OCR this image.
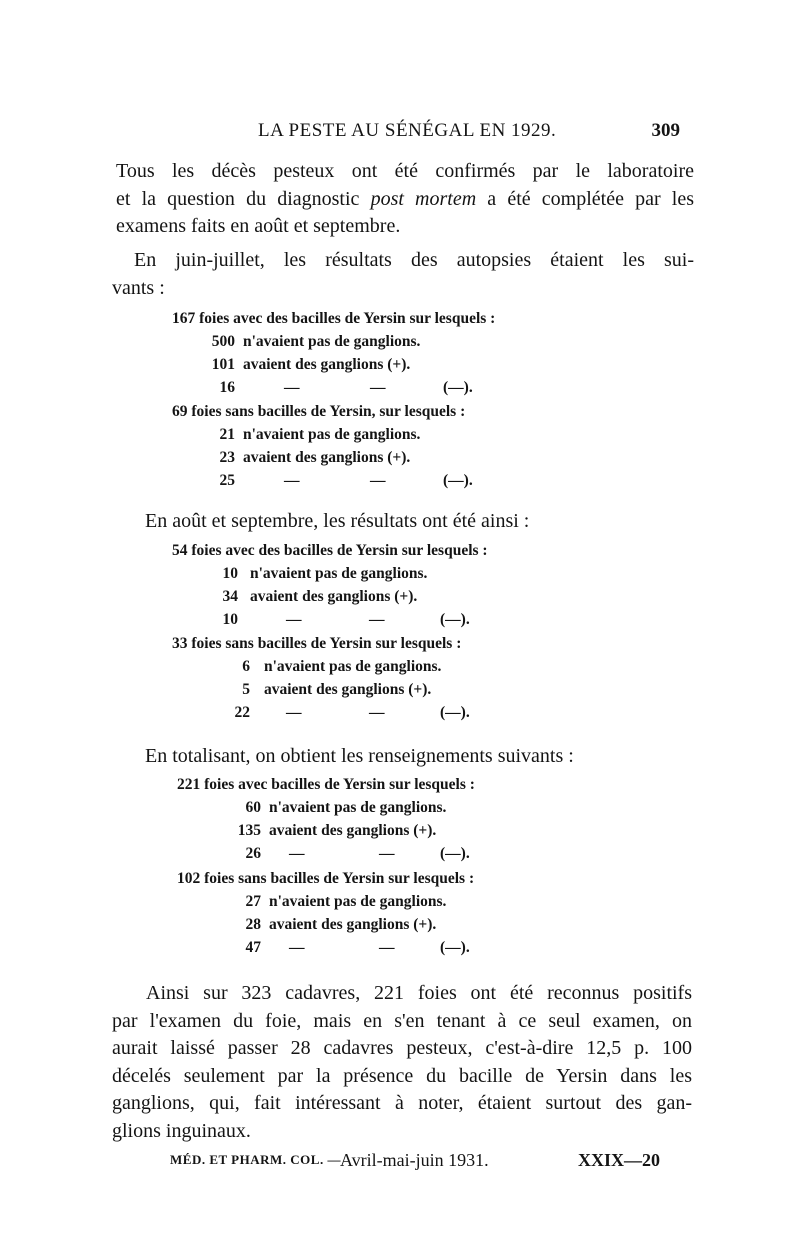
LA PESTE AU SÉNÉGAL EN 1929.	309
Tous les décès pesteux ont été confirmés par le laboratoire
et la question du diagnostic post mortem a été complétée par les
examens faits en août et septembre.
En juin-juillet, les résultats des autopsies étaient les sui-
vants :
167 foies avec des bacilles de Yersin sur lesquels :
500 n'avaient pas de ganglions.
101 avaient des ganglions (+).
16	—	—	(—).
69 foies sans bacilles de Yersin, sur lesquels :
21 n'avaient pas de ganglions.
23 avaient des ganglions (+).
25	—	—	(—).
En août et septembre, les résultats ont été ainsi :
54 foies avec des bacilles de Yersin sur lesquels :
10 n'avaient pas de ganglions.
34 avaient des ganglions (+).
10	—	—	(—).
33 foies sans bacilles de Yersin sur lesquels :
6 n'avaient pas de ganglions.
5 avaient des ganglions (+).
22 —	—	(—).
En totalisant, on obtient les renseignements suivants :
221 foies avec bacilles de Yersin sur lesquels :
60 n'avaient pas de ganglions.
135 avaient des ganglions (+).
26 —	—	(—).
102 foies sans bacilles de Yersin sur lesquels :
27 n'avaient pas de ganglions.
28 avaient des ganglions (+).
47 —	—	(—).
Ainsi sur 323 cadavres, 221 foies ont été reconnus positifs
par l'examen du foie, mais en s'en tenant à ce seul examen, on
aurait laissé passer 28 cadavres pesteux, c'est-à-dire 12,5 p. 100
décelés seulement par la présence du bacille de Yersin dans les
ganglions, qui, fait intéressant à noter, étaient surtout des gan-
glions inguinaux.
MÉD. ET PHARM. COL. — Avril-mai-juin 1931.	XXIX—20
